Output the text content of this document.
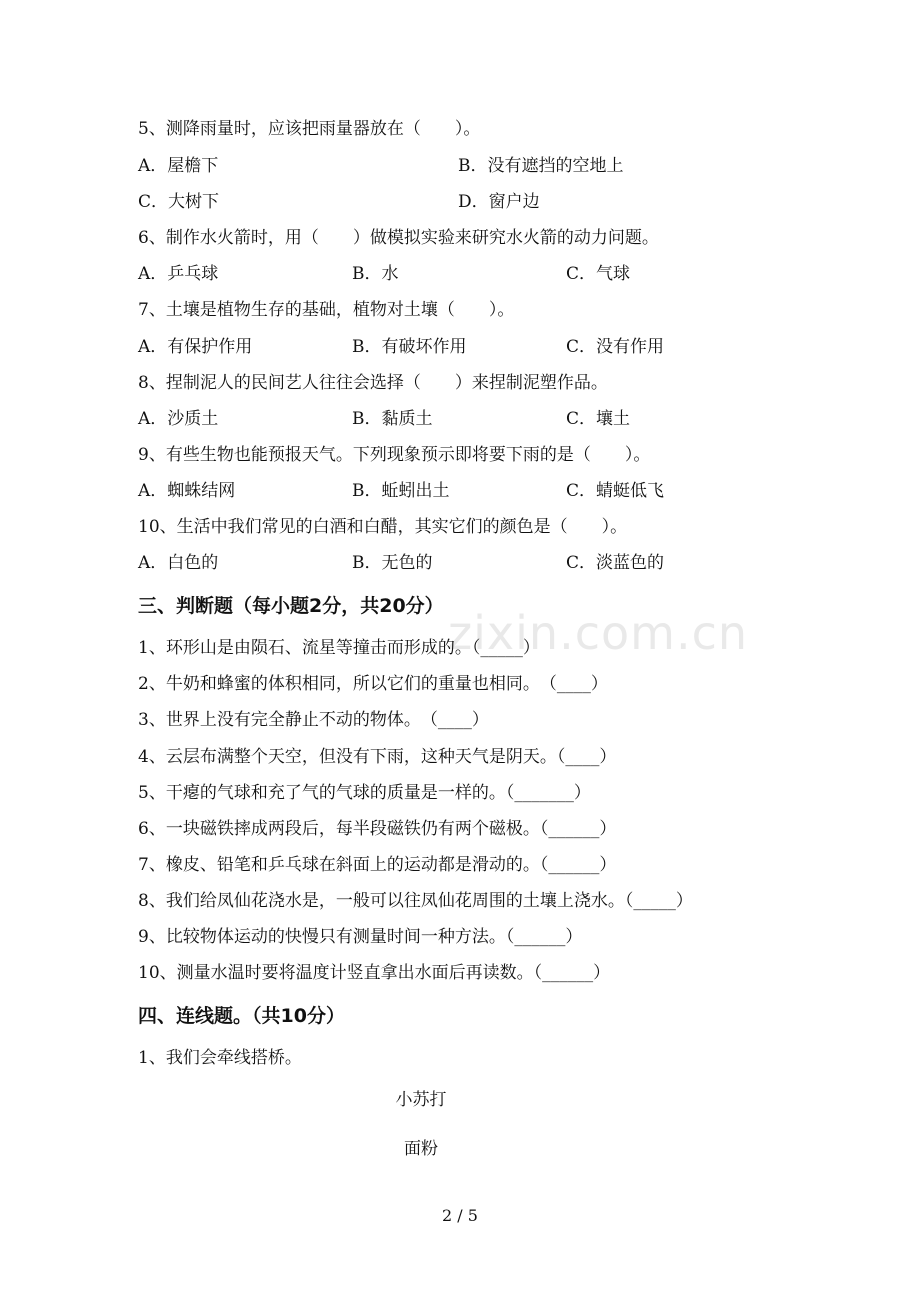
zixin.com.cn
5、测降雨量时，应该把雨量器放在（　　）。
A．屋檐下	B．没有遮挡的空地上
C．大树下	D．窗户边
6、制作水火箭时，用（　　）做模拟实验来研究水火箭的动力问题。
A．乒乓球	B．水	C．气球
7、土壤是植物生存的基础，植物对土壤（　　）。
A．有保护作用	B．有破坏作用	C．没有作用
8、捏制泥人的民间艺人往往会选择（　　）来捏制泥塑作品。
A．沙质土	B．黏质土	C．壤土
9、有些生物也能预报天气。下列现象预示即将要下雨的是（　　）。
A．蜘蛛结网	B．蚯蚓出土	C．蜻蜓低飞
10、生活中我们常见的白酒和白醋，其实它们的颜色是（　　）。
A．白色的	B．无色的	C．淡蓝色的
三、判断题（每小题2分，共20分）
1、环形山是由陨石、流星等撞击而形成的。（_____）
2、牛奶和蜂蜜的体积相同，所以它们的重量也相同。　（____）
3、世界上没有完全静止不动的物体。　（____）
4、云层布满整个天空，但没有下雨，这种天气是阴天。（____）
5、干瘪的气球和充了气的气球的质量是一样的。（_______）
6、一块磁铁摔成两段后，每半段磁铁仍有两个磁极。（______）
7、橡皮、铅笔和乒乓球在斜面上的运动都是滑动的。（______）
8、我们给凤仙花浇水是，一般可以往凤仙花周围的土壤上浇水。（_____）
9、比较物体运动的快慢只有测量时间一种方法。（______）
10、测量水温时要将温度计竖直拿出水面后再读数。（______）
四、连线题。（共10分）
1、我们会牵线搭桥。
小苏打
面粉
2 / 5
